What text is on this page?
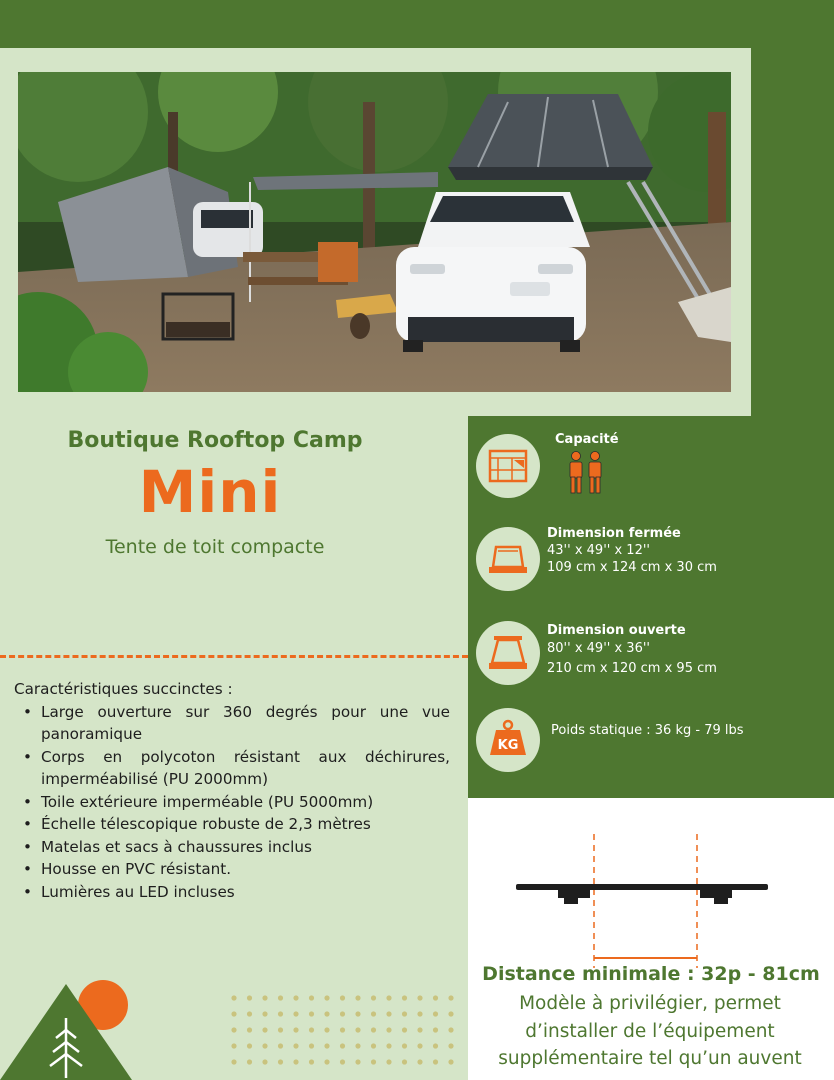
Boutique Rooftop Camp
Mini
Tente de toit compacte
Caractéristiques succinctes :
• Large ouverture sur 360 degrés pour une vue panoramique
• Corps en polycoton résistant aux déchirures, imperméabilisé (PU 2000mm)
• Toile extérieure imperméable (PU 5000mm)
• Échelle télescopique robuste de 2,3 mètres
• Matelas et sacs à chaussures inclus
• Housse en PVC résistant.
• Lumières au LED incluses
Capacité
Dimension fermée
43'' x 49'' x 12''
109 cm x 124 cm x 30 cm
Dimension ouverte
80'' x 49'' x 36''
210 cm x 120 cm x 95 cm
KG
Poids statique : 36 kg - 79 lbs
Distance minimale : 32p - 81cm
Modèle à privilégier, permet d’installer de l’équipement supplémentaire tel qu’un auvent
